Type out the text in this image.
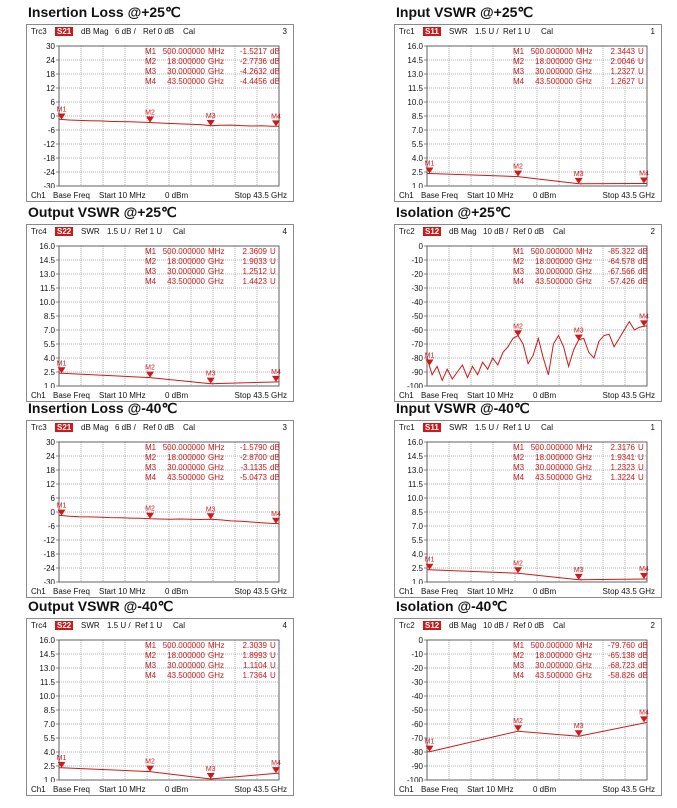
Insertion Loss @+25℃
Trc3 S21 dB Mag 6 dB / Ref 0 dB Cal	3
30
24
18
12
6
0
-6
-12
-18
-24
-30
M1 500.000000 MHz -1.5217 dB
M2 18.000000 GHz -2.7736 dB
M3 30.000000 GHz -4.2632 dB
M4 43.500000 GHz -4.4456 dB
M1	M2	M3	M4
Ch1 Base Freq Start 10 MHz 0 dBm	Stop 43.5 GHz
Input VSWR @+25℃
Trc1 S11 SWR 1.5 U / Ref 1 U Cal	1
16.0
14.5
13.0
11.5
10.0
8.5
7.0
5.5
4.0
2.5
1.0
M1 500.000000 MHz 2.3443 U
M2 18.000000 GHz 2.0046 U
M3 30.000000 GHz 1.2327 U
M4 43.500000 GHz 1.2627 U
M1	M2
M3	M4
Ch1 Base Freq Start 10 MHz 0 dBm	Stop 43.5 GHz
Output VSWR @+25℃
Trc4 S22 SWR 1.5 U / Ref 1 U Cal	4
16.0
14.5
13.0
11.5
10.0
8.5
7.0
5.5
4.0
2.5
1.0
M1 500.000000 MHz 2.3609 U
M2 18.000000 GHz 1.9033 U
M3 30.000000 GHz 1.2512 U
M4 43.500000 GHz 1.4423 U
M1
M2
M3	M4
Ch1 Base Freq Start 10 MHz 0 dBm	Stop 43.5 GHz
Isolation @+25℃
Trc2 S12 dB Mag 10 dB / Ref 0 dB Cal	2
0
-10
-20
-30
-40
-50
-60
-70
-80
-90
-100
M1 500.000000 MHz -85.322 dB
M2 18.000000 GHz -64.578 dB
M3 30.000000 GHz -67.566 dB
M4 43.500000 GHz -57.426 dB
M1
M2
M3
M4
Ch1 Base Freq Start 10 MHz 0 dBm	Stop 43.5 GHz
Insertion Loss @-40℃
Trc3 S21 dB Mag 6 dB / Ref 0 dB Cal	3
30
24
18
12
6
0
-6
-12
-18
-24
-30
M1 500.000000 MHz -1.5790 dB
M2 18.000000 GHz -2.8700 dB
M3 30.000000 GHz -3.1135 dB
M4 43.500000 GHz -5.0473 dB
M1	M2	M3
M4
Ch1 Base Freq Start 10 MHz 0 dBm	Stop 43.5 GHz
Input VSWR @-40℃
Trc1 S11 SWR 1.5 U / Ref 1 U Cal	1
16.0
14.5
13.0
11.5
10.0
8.5
7.0
5.5
4.0
2.5
1.0
M1 500.000000 MHz 2.3176 U
M2 18.000000 GHz 1.9341 U
M3 30.000000 GHz 1.2323 U
M4 43.500000 GHz 1.3224 U
M1
M2
M3	M4
Ch1 Base Freq Start 10 MHz 0 dBm	Stop 43.5 GHz
Output VSWR @-40℃
Trc4 S22 SWR 1.5 U / Ref 1 U Cal	4
16.0
14.5
13.0
11.5
10.0
8.5
7.0
5.5
4.0
2.5
1.0
M1 500.000000 MHz 2.3039 U
M2 18.000000 GHz 1.8993 U
M3 30.000000 GHz 1.1104 U
M4 43.500000 GHz 1.7364 U
M1
M2
M3
M4
Ch1 Base Freq Start 10 MHz 0 dBm	Stop 43.5 GHz
Isolation @-40℃
Trc2 S12 dB Mag 10 dB / Ref 0 dB Cal	2
0
-10
-20
-30
-40
-50
-60
-70
-80
-90
-100
M1 500.000000 MHz -79.760 dB
M2 18.000000 GHz -65.138 dB
M3 30.000000 GHz -68.723 dB
M4 43.500000 GHz -58.826 dB
M1
M2
M3
M4
Ch1 Base Freq Start 10 MHz 0 dBm	Stop 43.5 GHz
